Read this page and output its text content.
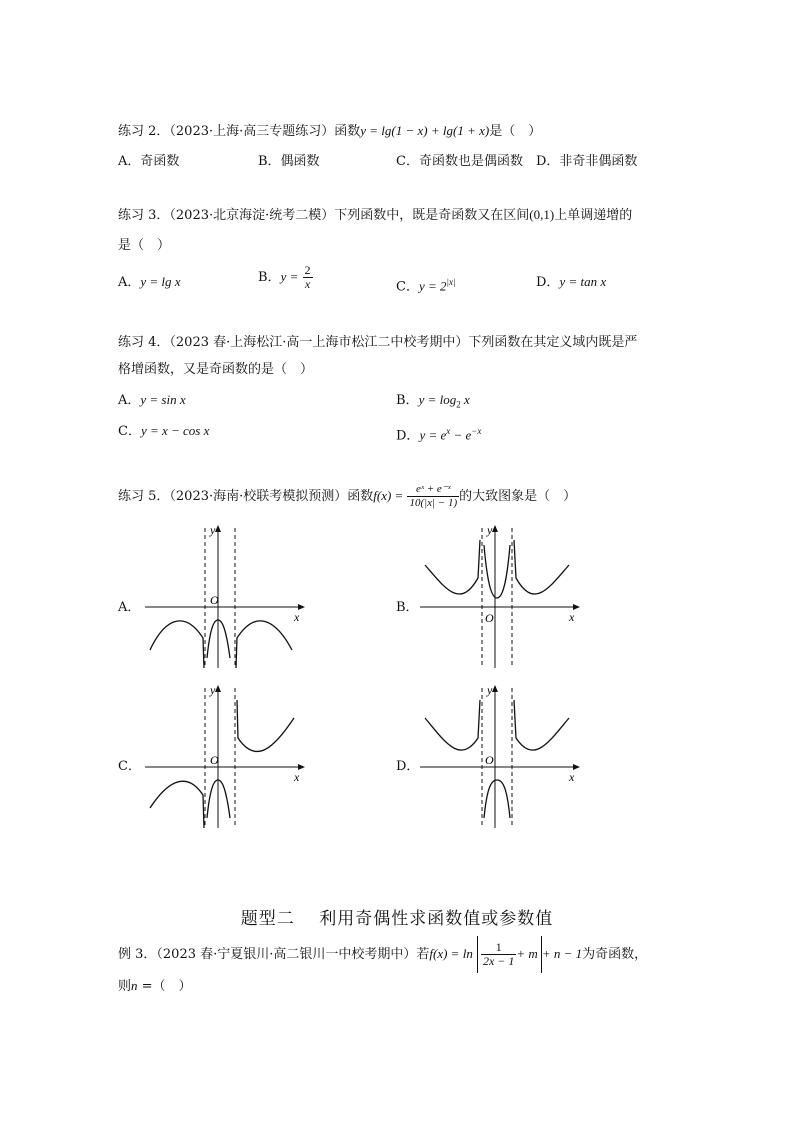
练习 2．（2023·上海·高三专题练习）函数y = lg(1 − x) + lg(1 + x)是（　）
A．奇函数	B．偶函数	C．奇函数也是偶函数 D．非奇非偶函数
练习 3．（2023·北京海淀·统考二模）下列函数中，既是奇函数又在区间(0,1)上单调递增的
是（　）
A．y = lg x	B．$y = \frac{2}{x}$	C．$y = 2^{|x|}$	D．y = tan x
练习 4．（2023 春·上海松江·高一上海市松江二中校考期中）下列函数在其定义域内既是严
格增函数，又是奇函数的是（　）
A．y = sin x	B．$y = \log_2 x$
C．y = x − cos x	D．$y = e^x - e^{-x}$
练习 5．（2023·海南·校联考模拟预测）函数$f(x) = \frac{\text{eˣ + e⁻ˣ}}{10(|x| - 1)}$ 的大致图象是（　）
A．	B．
C．	D．
O
x
y
O	x
y
O
x
y
O
x
y
题型二　 利用奇偶性求函数值或参数值
例 3．（2023 春·宁夏银川·高二银川一中校考期中）若$f(x) = \ln \frac{1}{2x - 1} + m + n - 1$为奇函数，
则n =（　）
